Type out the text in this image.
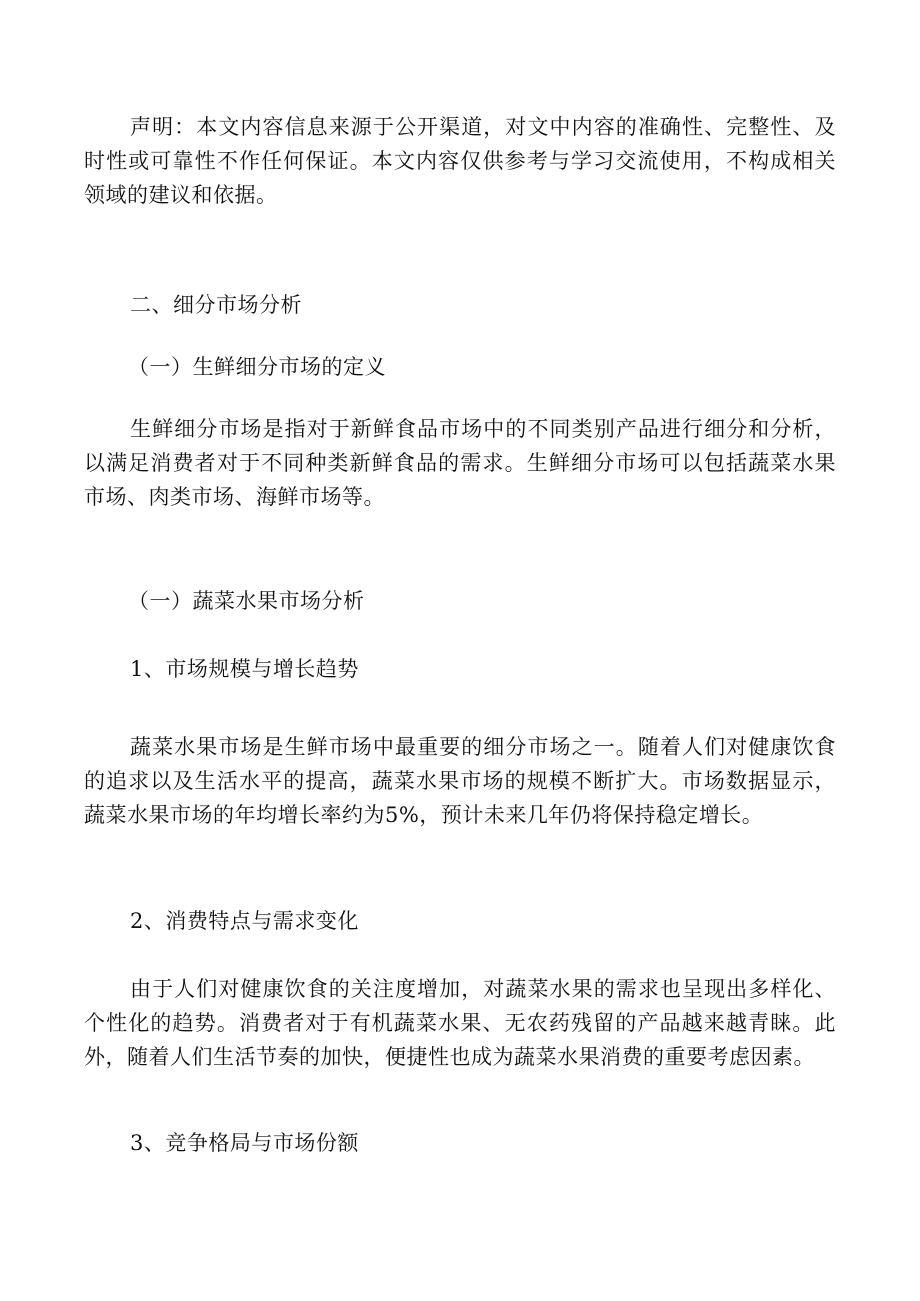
声明：本文内容信息来源于公开渠道，对文中内容的准确性、完整性、及时性或可靠性不作任何保证。本文内容仅供参考与学习交流使用，不构成相关领域的建议和依据。

二、细分市场分析

（一）生鲜细分市场的定义

生鲜细分市场是指对于新鲜食品市场中的不同类别产品进行细分和分析，以满足消费者对于不同种类新鲜食品的需求。生鲜细分市场可以包括蔬菜水果市场、肉类市场、海鲜市场等。

（一）蔬菜水果市场分析

1、市场规模与增长趋势

蔬菜水果市场是生鲜市场中最重要的细分市场之一。随着人们对健康饮食的追求以及生活水平的提高，蔬菜水果市场的规模不断扩大。市场数据显示，蔬菜水果市场的年均增长率约为5%，预计未来几年仍将保持稳定增长。

2、消费特点与需求变化

由于人们对健康饮食的关注度增加，对蔬菜水果的需求也呈现出多样化、个性化的趋势。消费者对于有机蔬菜水果、无农药残留的产品越来越青睐。此外，随着人们生活节奏的加快，便捷性也成为蔬菜水果消费的重要考虑因素。

3、竞争格局与市场份额
